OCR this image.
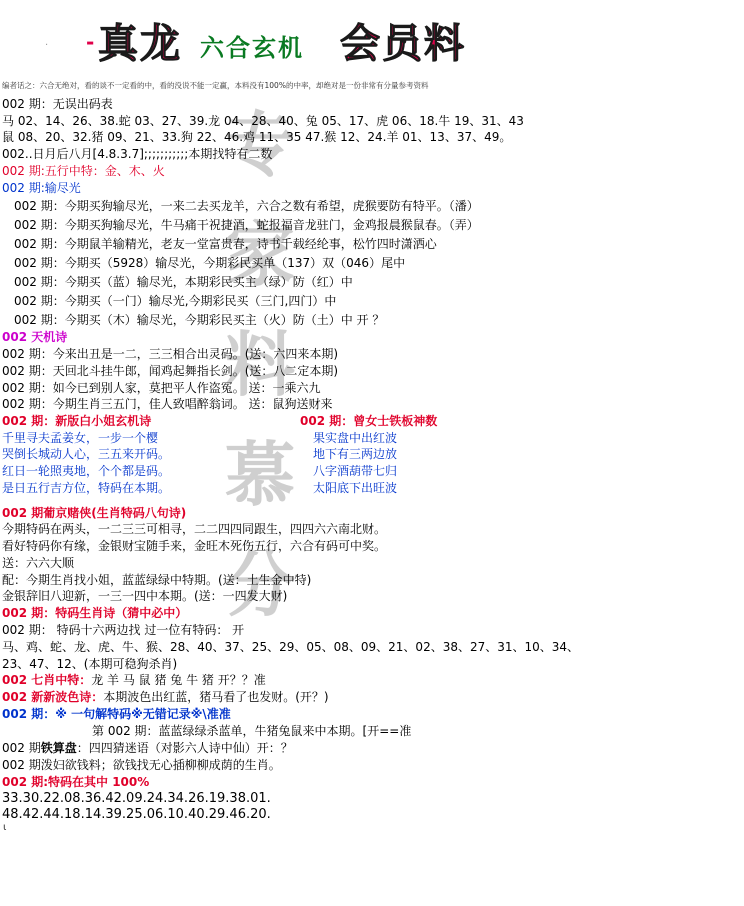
· - 真龙 六合玄机 会员料
编者话之：六合无绝对，看的谈不一定看的中，看的没说不能一定赢，本料没有100%的中率，却绝对是一份非常有分量参考资料
专
家
料
慕
分
002 期：无误出码表
马 02、14、26、38.蛇 03、27、39.龙 04、28、40、兔 05、17、虎 06、18.牛 19、31、43
鼠 08、20、32.猪 09、21、33.狗 22、46.鸡 11、35 47.猴 12、24.羊 01、13、37、49。
002..日月后八月[4.8.3.7];;;;;;;;;;;本期找特有二数
002 期:五行中特：金、木、火
002 期:输尽光
002 期：今期买狗输尽光，一来二去买龙羊，六合之数有希望，虎猴要防有特平。（潘）
002 期：今期买狗输尽光，牛马痛干祝捷酒，蛇报福音龙驻门，金鸡报晨猴鼠春。（弄）
002 期：今期鼠羊输精光，老友一堂富贵春，诗书千载经纶事，松竹四时潇洒心
002 期：今期买（5928）输尽光，今期彩民买单（137）双（046）尾中
002 期：今期买（蓝）输尽光，本期彩民买主（绿）防（红）中
002 期：今期买（一门）输尽光,今期彩民买（三门,四门）中
002 期：今期买（木）输尽光，今期彩民买主（火）防（土）中 开 ？
002 天机诗
002 期：今来出丑是一二，三三相合出灵码。(送：六四来本期)
002 期：天回北斗挂牛郎，闻鸡起舞指长剑。(送：八二定本期)
002 期：如今已到别人家，莫把平人作盗冤。 送：一乘六九
002 期：今期生肖三五门，佳人致唱醉翁词。 送：鼠狗送财来
002 期：新版白小姐玄机诗	002 期：曾女士铁板神数
千里寻夫孟姜女，一步一个樱
哭倒长城动人心，三五来开码。
红日一轮照夷地，个个都是码。
是日五行吉方位，特码在本期。
果实盘中出红波
地下有三两边放
八字酒葫带七归
太阳底下出旺波
002 期葡京赌侠(生肖特码八句诗)
今期特码在两头，一二三三可相寻，二二四四同跟生，四四六六南北财。
看好特码你有缘，金银财宝随手来，金旺木死伤五行，六合有码可中奖。
送：六六大顺
配：今期生肖找小姐，蓝蓝绿绿中特期。(送：土生金中特)
金银辞旧八迎新，一三一四中本期。(送：一四发大财)
002 期：特码生肖诗（猜中必中）
002 期： 特码十六两边找 过一位有特码： 开
马、鸡、蛇、龙、虎、牛、猴、28、40、37、25、29、05、08、09、21、02、38、27、31、10、34、
23、47、12、(本期可稳狗杀肖)
002 七肖中特：龙 羊 马 鼠 猪 兔 牛 猪 开？？准
002 新新波色诗：本期波色出红蓝，猪马看了也发财。(开？)
002 期：※ 一句解特码※无错记录※\准准
第 002 期：蓝蓝绿绿杀蓝单，牛猪兔鼠来中本期。[开==准
002 期铁算盘：四四猜迷语（对影六人诗中仙）开：？
002 期泼妇欲钱料；欲钱找无心插柳柳成荫的生肖。
002 期:特码在其中 100%
33.30.22.08.36.42.09.24.34.26.19.38.01.
48.42.44.18.14.39.25.06.10.40.29.46.20.
ɩ
